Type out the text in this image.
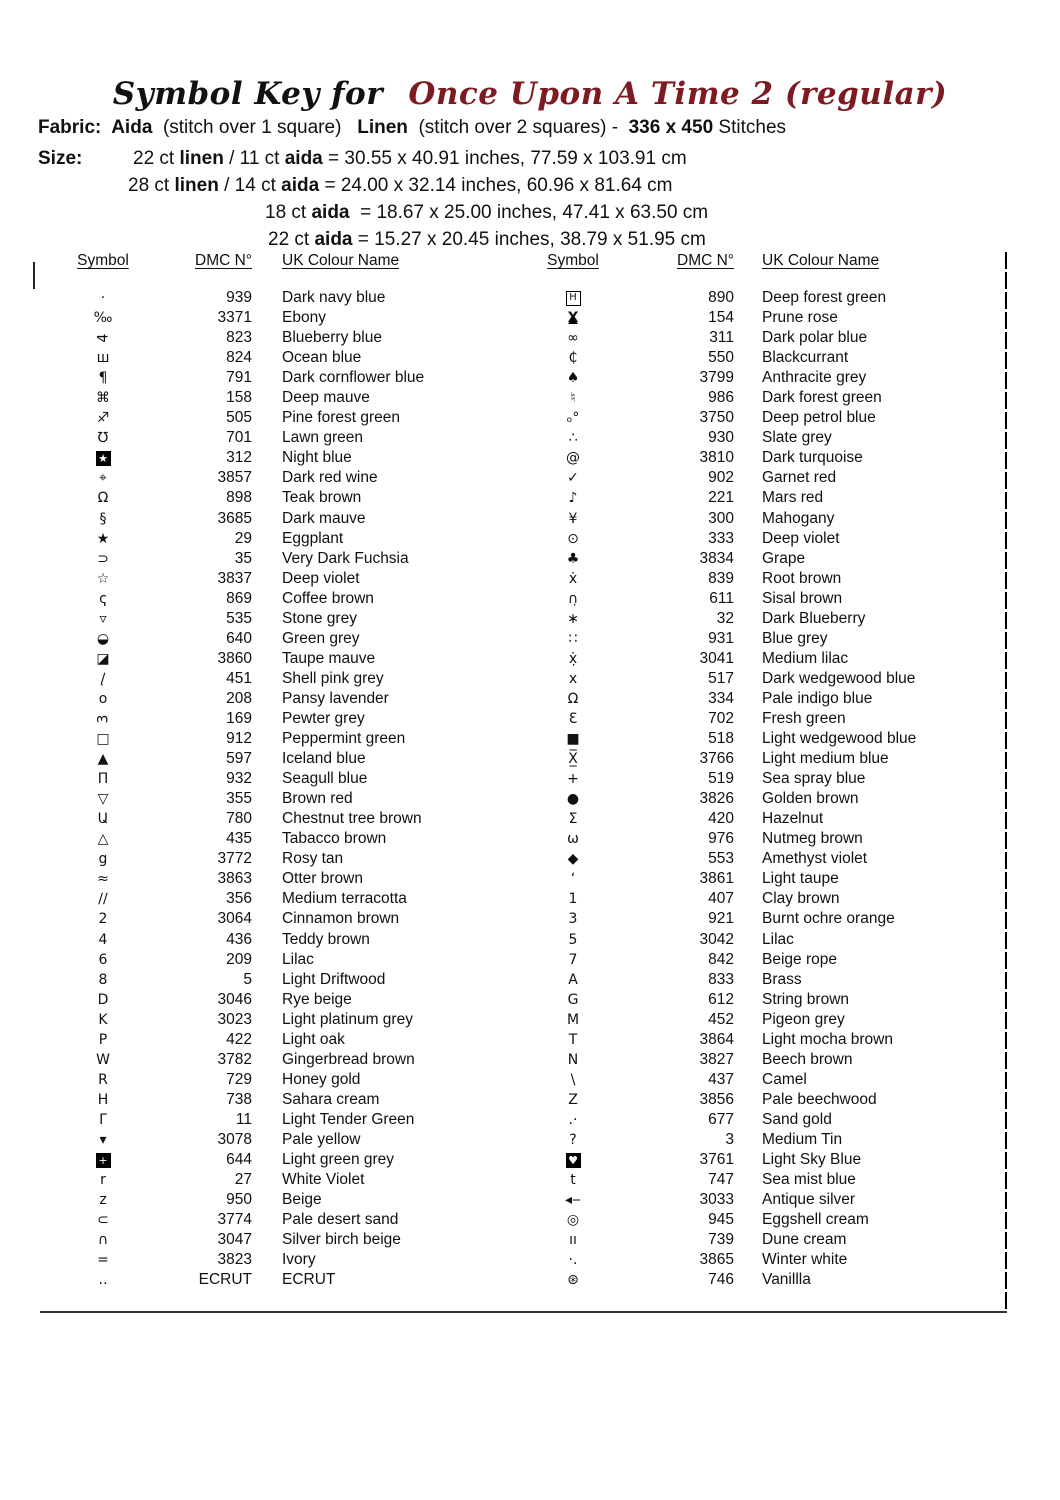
Symbol Key for Once Upon A Time 2 (regular)
Fabric:  Aida  (stitch over 1 square)   Linen  (stitch over 2 squares) -  336 x 450 Stitches
Size:	22 ct linen / 11 ct aida = 30.55 x 40.91 inches, 77.59 x 103.91 cm
28 ct linen / 14 ct aida = 24.00 x 32.14 inches, 60.96 x 81.64 cm
18 ct aida  = 18.67 x 25.00 inches, 47.41 x 63.50 cm
22 ct aida = 15.27 x 20.45 inches, 38.79 x 51.95 cm
Symbol	DMC N°	UK Colour Name
·	939	Dark navy blue
‰	3371	Ebony
4	823	Blueberry blue
ш	824	Ocean blue
¶	791	Dark cornflower blue
⌘	158	Deep mauve
♐	505	Pine forest green
℧	701	Lawn green
★	312	Night blue
⌖	3857	Dark red wine
Ω	898	Teak brown
§	3685	Dark mauve
★	29	Eggplant
⊃	35	Very Dark Fuchsia
☆	3837	Deep violet
ҁ	869	Coffee brown
▿	535	Stone grey
◒	640	Green grey
◪	3860	Taupe mauve
∕̣	451	Shell pink grey
o	208	Pansy lavender
3	169	Pewter grey
□	912	Peppermint green
▲	597	Iceland blue
Π	932	Seagull blue
▽	355	Brown red
Ա	780	Chestnut tree brown
△	435	Tabacco brown
g	3772	Rosy tan
≈	3863	Otter brown
∕∕	356	Medium terracotta
2	3064	Cinnamon brown
4	436	Teddy brown
6	209	Lilac
8	5	Light Driftwood
D	3046	Rye beige
K	3023	Light platinum grey
P	422	Light oak
W	3782	Gingerbread brown
R	729	Honey gold
H	738	Sahara cream
Γ	11	Light Tender Green
▾	3078	Pale yellow
+	644	Light green grey
r	27	White Violet
z	950	Beige
⊂	3774	Pale desert sand
∩	3047	Silver birch beige
=	3823	Ivory
‥	ECRUT	ECRUT
Symbol	DMC N°	UK Colour Name
H	890	Deep forest green
X	154	Prune rose
∞	311	Dark polar blue
₵	550	Blackcurrant
♠	3799	Anthracite grey
♮	986	Dark forest green
ₒ°	3750	Deep petrol blue
∴	930	Slate grey
@	3810	Dark turquoise
✓	902	Garnet red
♪	221	Mars red
¥	300	Mahogany
⊙	333	Deep violet
♣	3834	Grape
ẋ	839	Root brown
∩̣	611	Sisal brown
∗	32	Dark Blueberry
∷	931	Blue grey
ẋ̣	3041	Medium lilac
x	517	Dark wedgewood blue
Ω	334	Pale indigo blue
Ɛ	702	Fresh green
■	518	Light wedgewood blue
X̲̅	3766	Light medium blue
+	519	Sea spray blue
●	3826	Golden brown
Σ	420	Hazelnut
ω	976	Nutmeg brown
◆	553	Amethyst violet
‘	3861	Light taupe
1	407	Clay brown
3	921	Burnt ochre orange
5	3042	Lilac
7	842	Beige rope
A	833	Brass
G	612	String brown
M	452	Pigeon grey
T	3864	Light mocha brown
N	3827	Beech brown
\	437	Camel
Z	3856	Pale beechwood
.·	677	Sand gold
?	3	Medium Tin
♥	3761	Light Sky Blue
t	747	Sea mist blue
◂‒	3033	Antique silver
◎	945	Eggshell cream
ıı	739	Dune cream
·.	3865	Winter white
⊛	746	Vanillla
